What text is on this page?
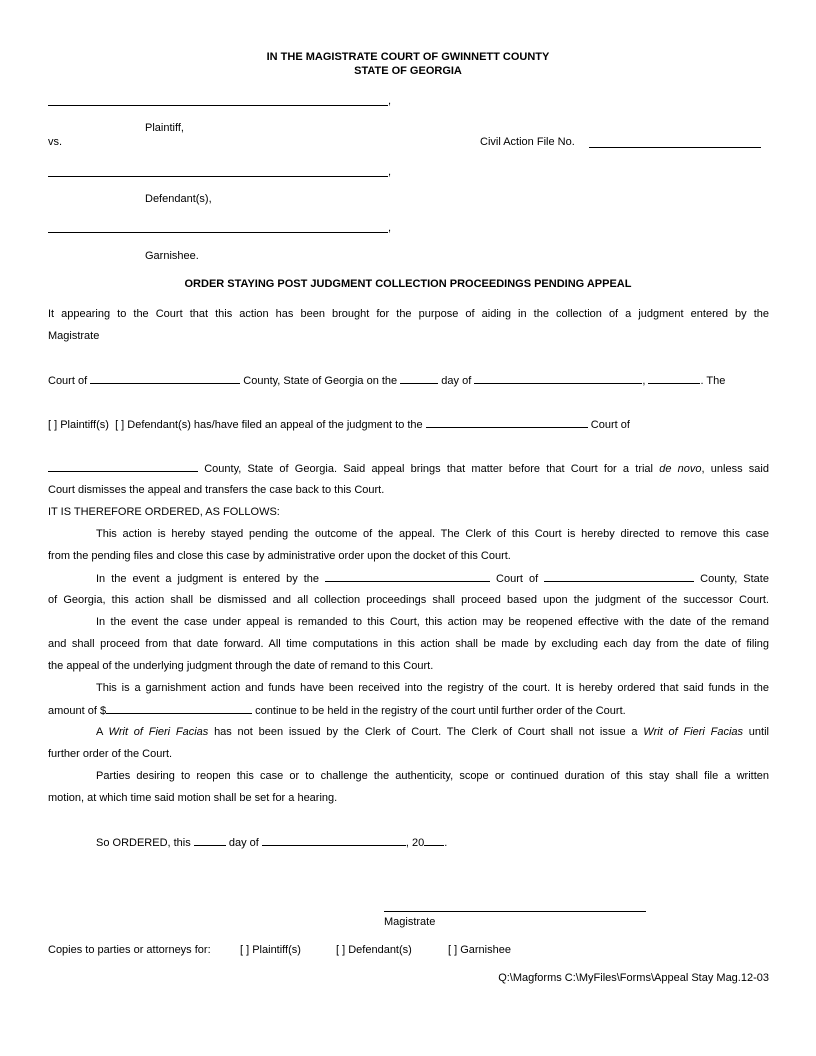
IN THE MAGISTRATE COURT OF GWINNETT COUNTY
STATE OF GEORGIA
,
Plaintiff,
vs.	Civil Action File No.
,
Defendant(s),
,
Garnishee.
ORDER STAYING POST JUDGMENT COLLECTION PROCEEDINGS PENDING APPEAL
It appearing to the Court that this action has been brought for the purpose of aiding in the collection of a judgment entered by the
Magistrate
Court of	County, State of Georgia on the	day of	,	. The
[ ] Plaintiff(s) [ ] Defendant(s) has/have filed an appeal of the judgment to the	Court of
County, State of Georgia. Said appeal brings that matter before that Court for a trial de novo, unless said
Court dismisses the appeal and transfers the case back to this Court.
IT IS THEREFORE ORDERED, AS FOLLOWS:
This action is hereby stayed pending the outcome of the appeal. The Clerk of this Court is hereby directed to remove this case
from the pending files and close this case by administrative order upon the docket of this Court.
In the event a judgment is entered by the	Court of	County, State
of Georgia, this action shall be dismissed and all collection proceedings shall proceed based upon the judgment of the successor Court.
In the event the case under appeal is remanded to this Court, this action may be reopened effective with the date of the remand
and shall proceed from that date forward. All time computations in this action shall be made by excluding each day from the date of filing
the appeal of the underlying judgment through the date of remand to this Court.
This is a garnishment action and funds have been received into the registry of the court. It is hereby ordered that said funds in the
amount of $	continue to be held in the registry of the court until further order of the Court.
A Writ of Fieri Facias has not been issued by the Clerk of Court. The Clerk of Court shall not issue a Writ of Fieri Facias until
further order of the Court.
Parties desiring to reopen this case or to challenge the authenticity, scope or continued duration of this stay shall file a written
motion, at which time said motion shall be set for a hearing.
So ORDERED, this	day of	, 20 .
Magistrate
Copies to parties or attorneys for:	[ ] Plaintiff(s)	[ ] Defendant(s)	[ ] Garnishee
Q:\Magforms C:\MyFiles\Forms\Appeal Stay Mag.12-03
